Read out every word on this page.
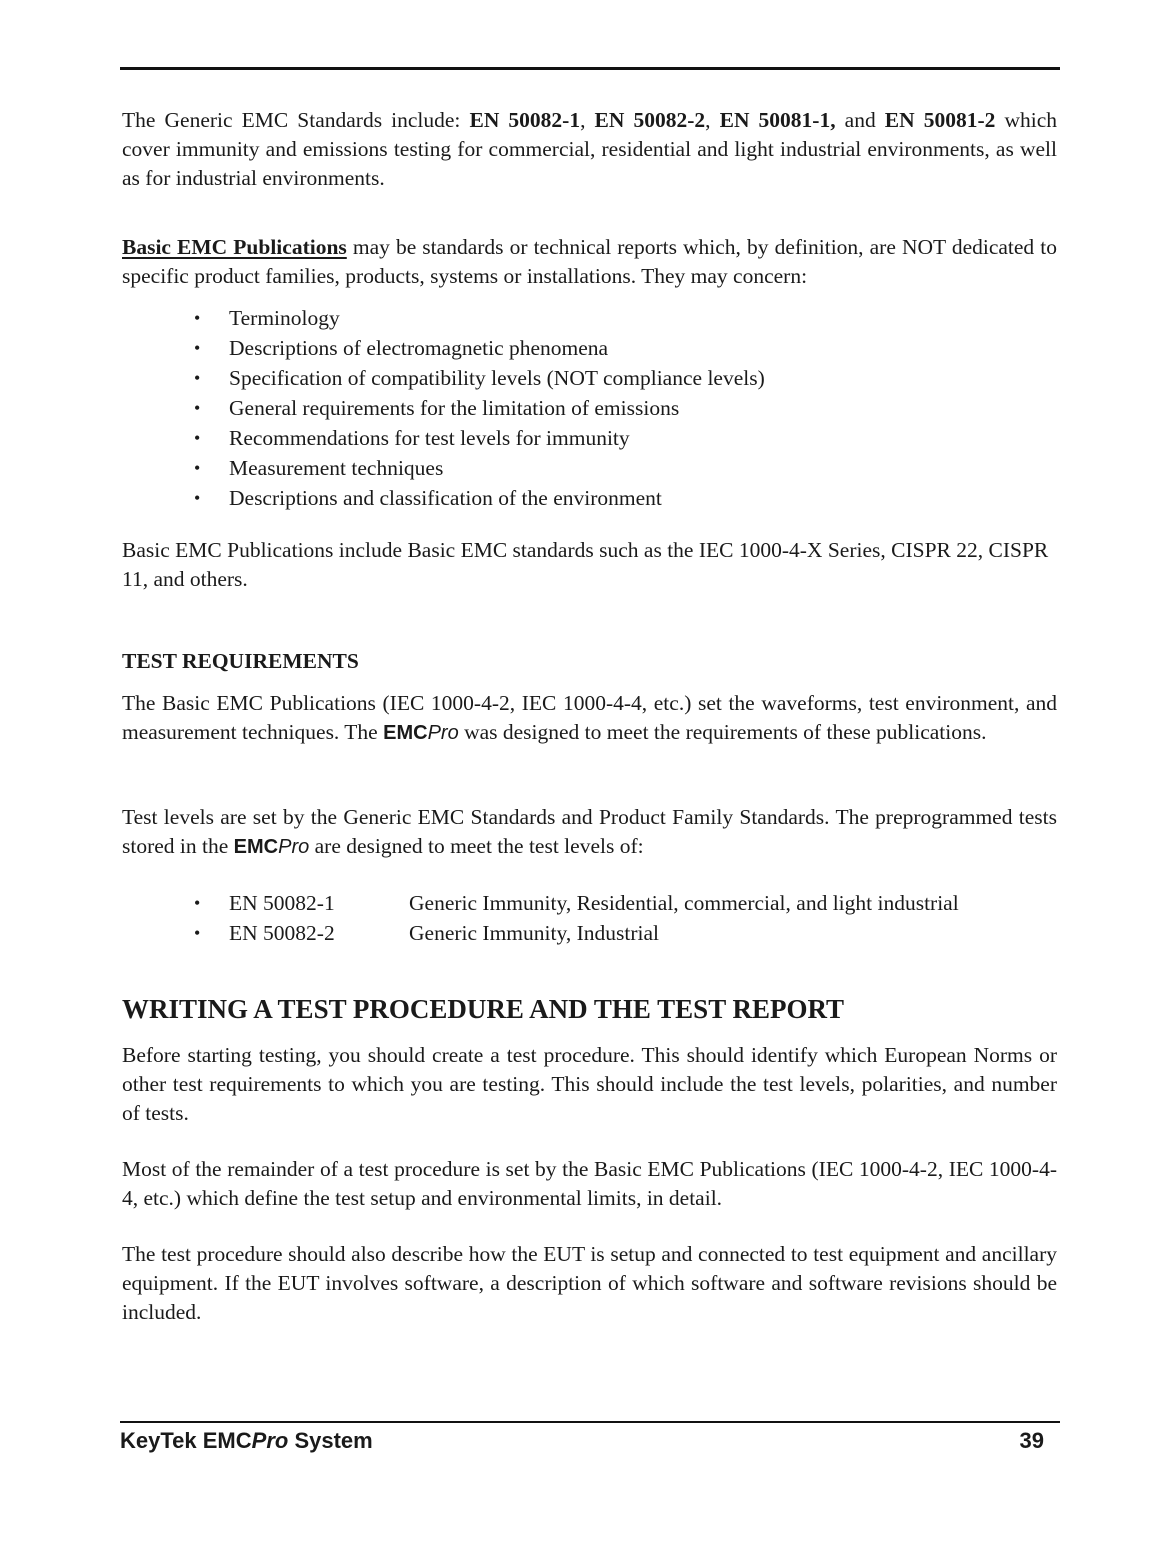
The Generic EMC Standards include: EN 50082-1, EN 50082-2, EN 50081-1, and EN 50081-2 which cover immunity and emissions testing for commercial, residential and light industrial environments, as well as for industrial environments.

Basic EMC Publications may be standards or technical reports which, by definition, are NOT dedicated to specific product families, products, systems or installations. They may concern:

• Terminology
• Descriptions of electromagnetic phenomena
• Specification of compatibility levels (NOT compliance levels)
• General requirements for the limitation of emissions
• Recommendations for test levels for immunity
• Measurement techniques
• Descriptions and classification of the environment

Basic EMC Publications include Basic EMC standards such as the IEC 1000-4-X Series, CISPR 22, CISPR 11, and others.

TEST REQUIREMENTS

The Basic EMC Publications (IEC 1000-4-2, IEC 1000-4-4, etc.) set the waveforms, test environment, and measurement techniques. The EMCPro was designed to meet the requirements of these publications.

Test levels are set by the Generic EMC Standards and Product Family Standards. The preprogrammed tests stored in the EMCPro are designed to meet the test levels of:

• EN 50082-1	Generic Immunity, Residential, commercial, and light industrial
• EN 50082-2	Generic Immunity, Industrial
WRITING A TEST PROCEDURE AND THE TEST REPORT

Before starting testing, you should create a test procedure. This should identify which European Norms or other test requirements to which you are testing. This should include the test levels, polarities, and number of tests.

Most of the remainder of a test procedure is set by the Basic EMC Publications (IEC 1000-4-2, IEC 1000-4-4, etc.) which define the test setup and environmental limits, in detail.

The test procedure should also describe how the EUT is setup and connected to test equipment and ancillary equipment. If the EUT involves software, a description of which software and software revisions should be included.

KeyTek EMCPro System	39
